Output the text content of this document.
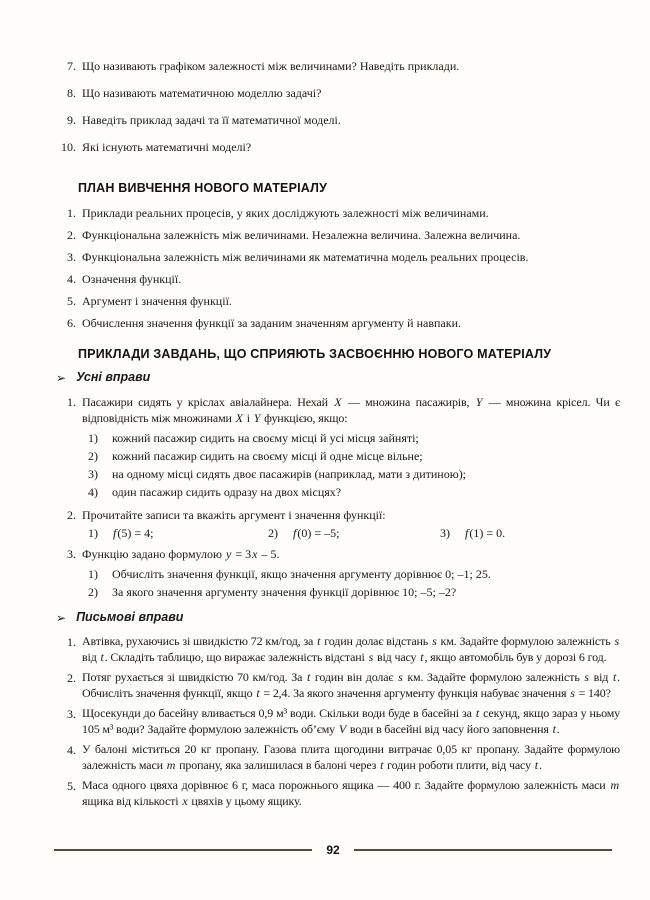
7. Що називають графіком залежності між величинами? Наведіть приклади.
8. Що називають математичною моделлю задачі?
9. Наведіть приклад задачі та її математичної моделі.
10. Які існують математичні моделі?
ПЛАН ВИВЧЕННЯ НОВОГО МАТЕРІАЛУ
1. Приклади реальних процесів, у яких досліджують залежності між величинами.
2. Функціональна залежність між величинами. Незалежна величина. Залежна величина.
3. Функціональна залежність між величинами як математична модель реальних процесів.
4. Означення функції.
5. Аргумент і значення функції.
6. Обчислення значення функції за заданим значенням аргументу й навпаки.
ПРИКЛАДИ ЗАВДАНЬ, ЩО СПРИЯЮТЬ ЗАСВОЄННЮ НОВОГО МАТЕРІАЛУ
➢ Усні вправи
1. Пасажири сидять у кріслах авіалайнера. Нехай X — множина пасажирів, Y — множина крісел. Чи є відповідність між множинами X і Y функцією, якщо:

1)	кожний пасажир сидить на своєму місці й усі місця зайняті;
2)	кожний пасажир сидить на своєму місці й одне місце вільне;
3)	на одному місці сидять двоє пасажирів (наприклад, мати з дитиною);
4)	один пасажир сидить одразу на двох місцях?
2. Прочитайте записи та вкажіть аргумент і значення функції:

1)	f(5) = 4;	2)	f(0) = –5;	3)	f(1) = 0.
3. Функцію задано формулою y = 3x – 5.

1)	Обчисліть значення функції, якщо значення аргументу дорівнює 0; –1; 25.
2)	За якого значення аргументу значення функції дорівнює 10; –5; –2?
➢ Письмові вправи
1. Автівка, рухаючись зі швидкістю 72 км/год, за t годин долає відстань s км. Задайте формулою залежність s від t. Складіть таблицю, що виражає залежність відстані s від часу t, якщо автомобіль був у дорозі 6 год.
2. Потяг рухається зі швидкістю 70 км/год. За t годин він долає s км. Задайте формулою залежність s від t. Обчисліть значення функції, якщо t = 2,4. За якого значення аргументу функція набуває значення s = 140?
3. Щосекунди до басейну вливається 0,9 м³ води. Скільки води буде в басейні за t секунд, якщо зараз у ньому 105 м³ води? Задайте формулою залежність об’єму V води в басейні від часу його заповнення t.
4. У балоні міститься 20 кг пропану. Газова плита щогодини витрачає 0,05 кг пропану. Задайте формулою залежність маси m пропану, яка залишилася в балоні через t годин роботи плити, від часу t.
5. Маса одного цвяха дорівнює 6 г, маса порожнього ящика — 400 г. Задайте формулою залежність маси m ящика від кількості x цвяхів у цьому ящику.
92
